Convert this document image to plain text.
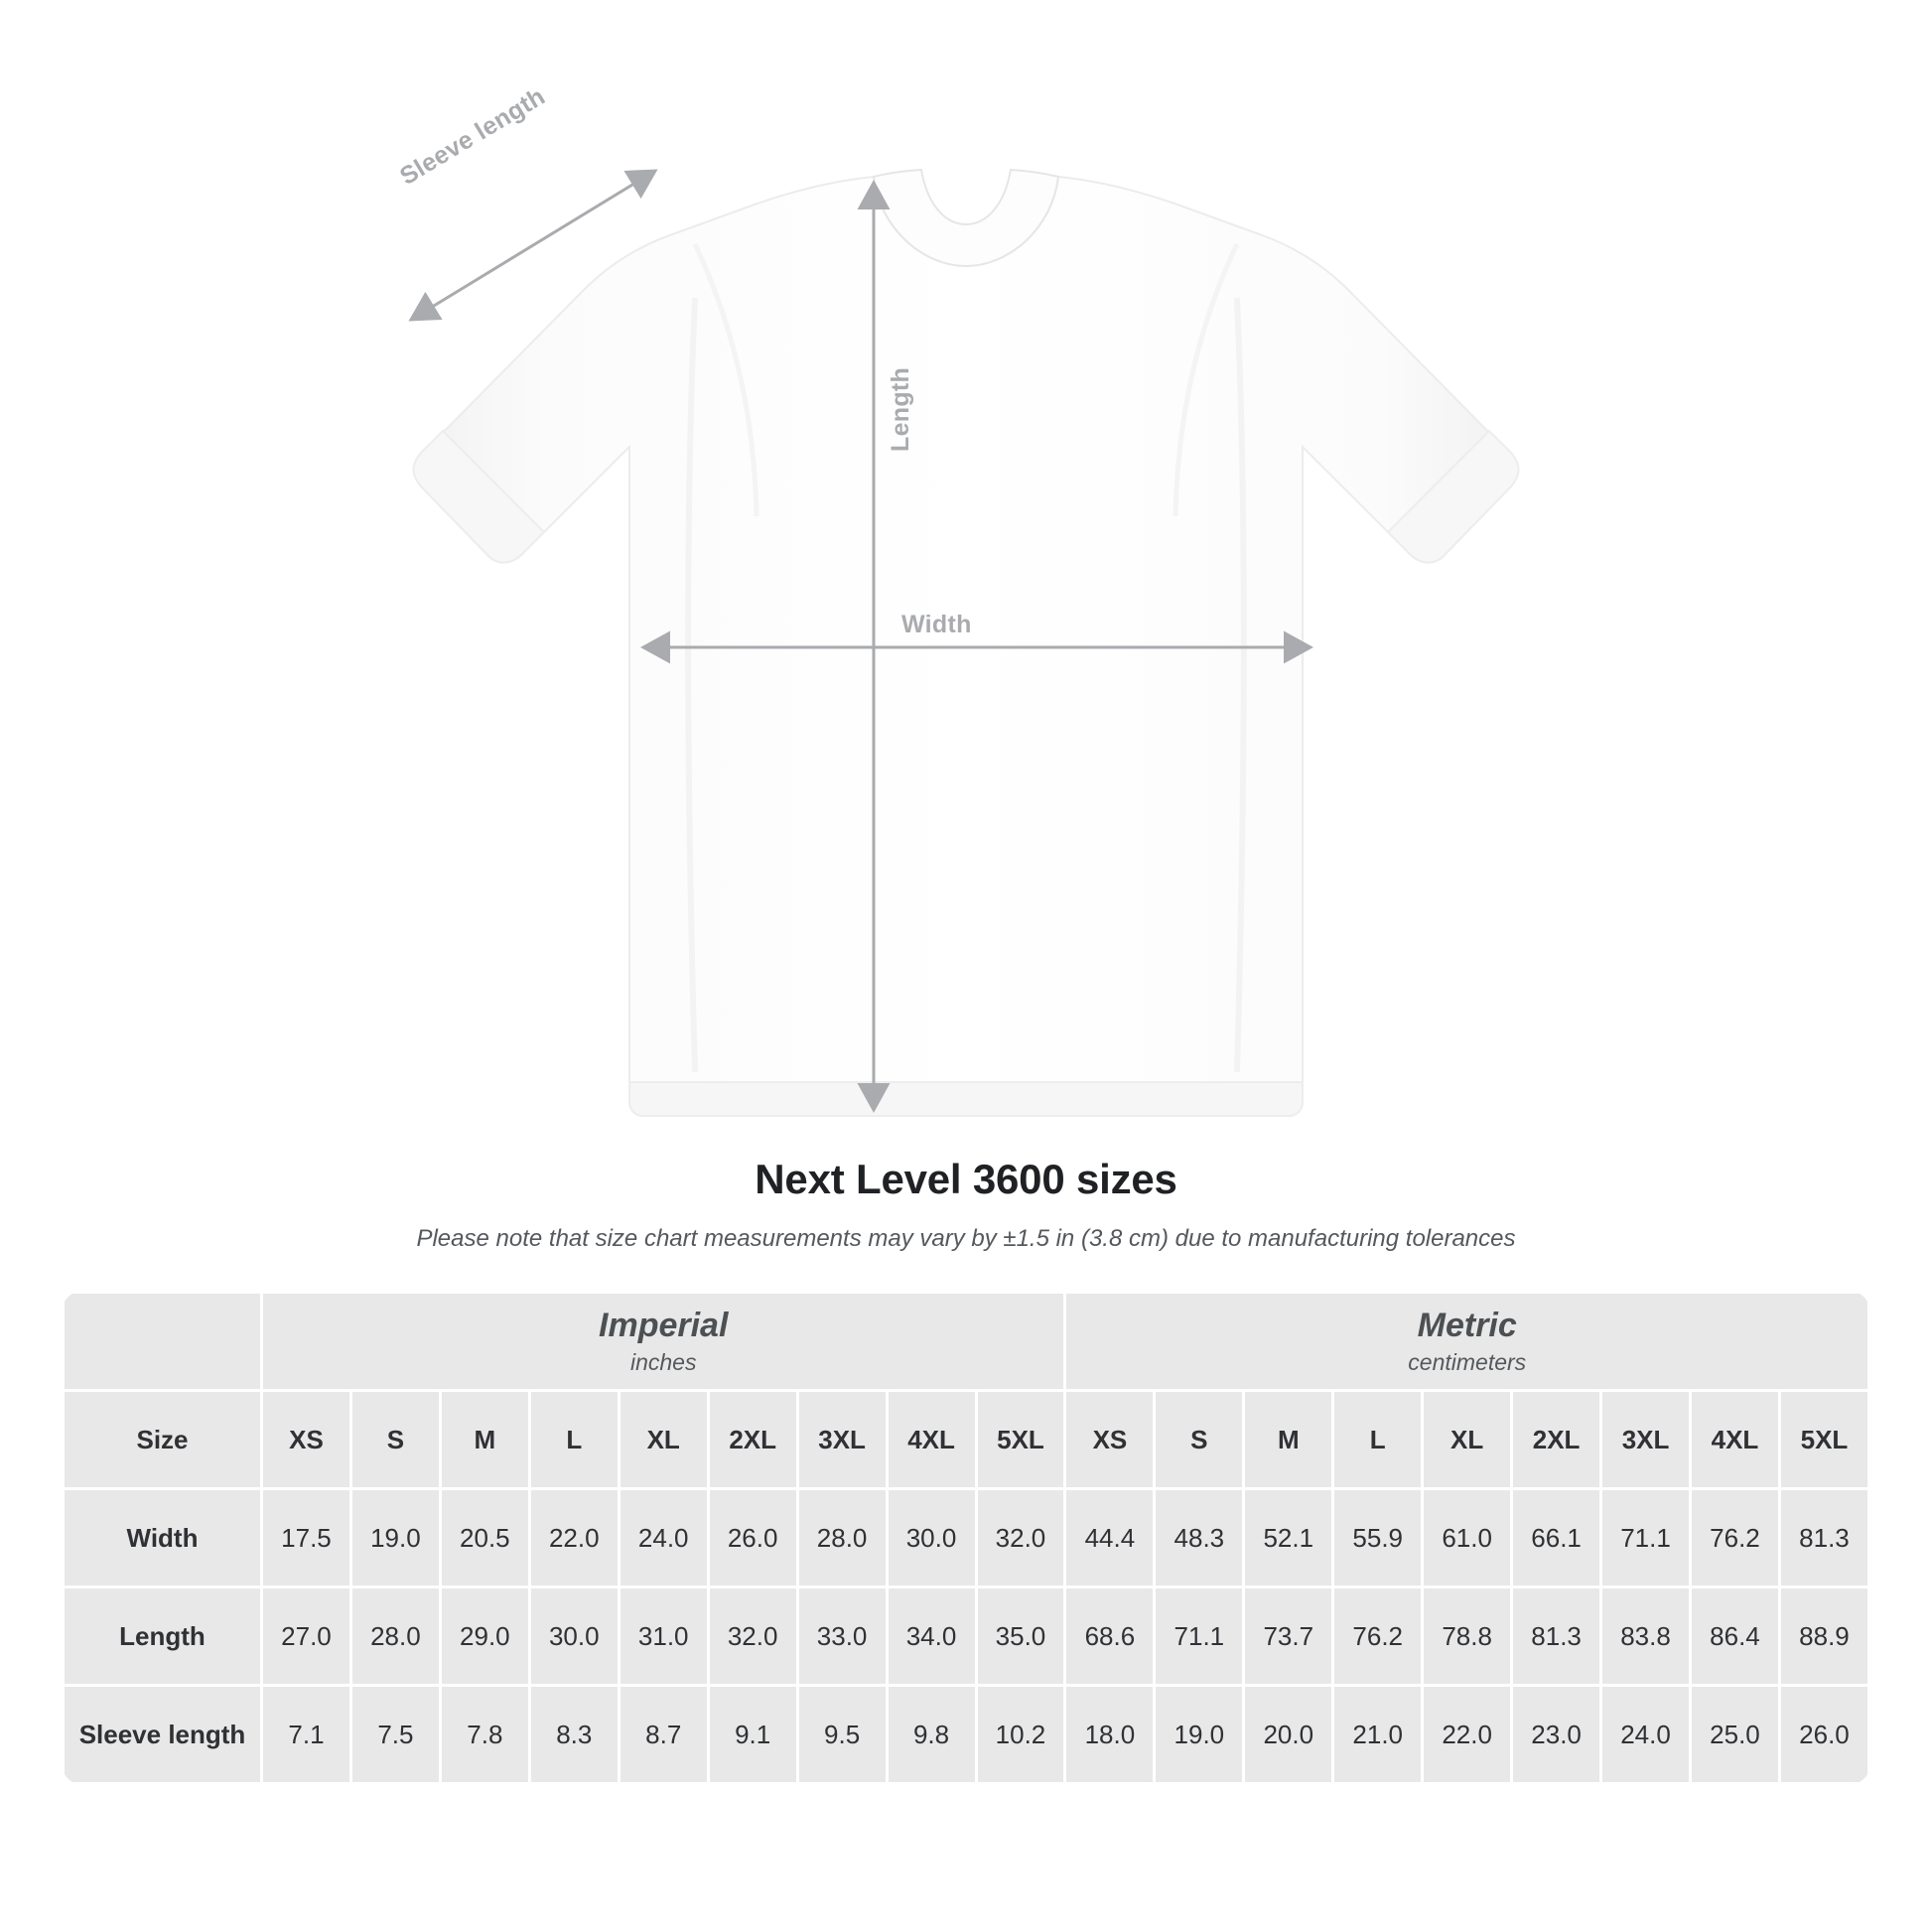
Sleeve length
Length
Width
Next Level 3600 sizes
Please note that size chart measurements may vary by ±1.5 in (3.8 cm) due to manufacturing tolerances

	Imperial
inches									Metric
centimeters								

Size	XS	S	M	L	XL	2XL	3XL	4XL	5XL	XS	S	M	L	XL	2XL	3XL	4XL	5XL
Width	17.5	19.0	20.5	22.0	24.0	26.0	28.0	30.0	32.0	44.4	48.3	52.1	55.9	61.0	66.1	71.1	76.2	81.3
Length	27.0	28.0	29.0	30.0	31.0	32.0	33.0	34.0	35.0	68.6	71.1	73.7	76.2	78.8	81.3	83.8	86.4	88.9
Sleeve length	7.1	7.5	7.8	8.3	8.7	9.1	9.5	9.8	10.2	18.0	19.0	20.0	21.0	22.0	23.0	24.0	25.0	26.0
